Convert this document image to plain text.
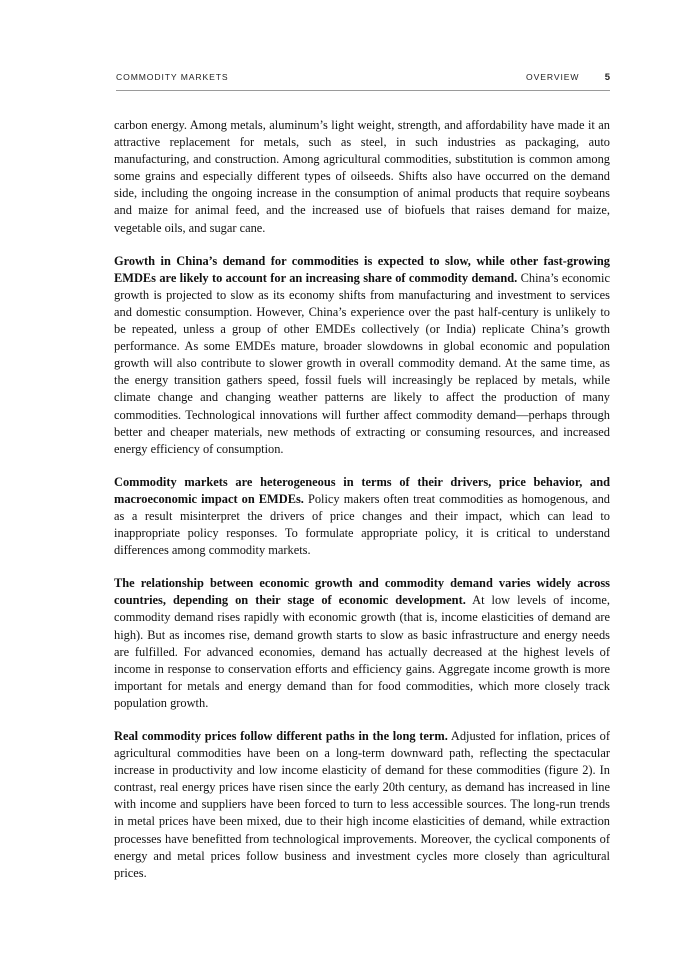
COMMODITY MARKETS	OVERVIEW	5

carbon energy. Among metals, aluminum’s light weight, strength, and affordability have made it an attractive replacement for metals, such as steel, in such industries as packaging, auto manufacturing, and construction. Among agricultural commodities, substitution is common among some grains and especially different types of oilseeds. Shifts also have occurred on the demand side, including the ongoing increase in the consumption of animal products that require soybeans and maize for animal feed, and the increased use of biofuels that raises demand for maize, vegetable oils, and sugar cane.

Growth in China’s demand for commodities is expected to slow, while other fast-growing EMDEs are likely to account for an increasing share of commodity demand. China’s economic growth is projected to slow as its economy shifts from manufacturing and investment to services and domestic consumption. However, China’s experience over the past half-century is unlikely to be repeated, unless a group of other EMDEs collectively (or India) replicate China’s growth performance. As some EMDEs mature, broader slowdowns in global economic and population growth will also contribute to slower growth in overall commodity demand. At the same time, as the energy transition gathers speed, fossil fuels will increasingly be replaced by metals, while climate change and changing weather patterns are likely to affect the production of many commodities. Technological innovations will further affect commodity demand—perhaps through better and cheaper materials, new methods of extracting or consuming resources, and increased energy efficiency of consumption.

Commodity markets are heterogeneous in terms of their drivers, price behavior, and macroeconomic impact on EMDEs. Policy makers often treat commodities as homogenous, and as a result misinterpret the drivers of price changes and their impact, which can lead to inappropriate policy responses. To formulate appropriate policy, it is critical to understand differences among commodity markets.

The relationship between economic growth and commodity demand varies widely across countries, depending on their stage of economic development. At low levels of income, commodity demand rises rapidly with economic growth (that is, income elasticities of demand are high). But as incomes rise, demand growth starts to slow as basic infrastructure and energy needs are fulfilled. For advanced economies, demand has actually decreased at the highest levels of income in response to conservation efforts and efficiency gains. Aggregate income growth is more important for metals and energy demand than for food commodities, which more closely track population growth.

Real commodity prices follow different paths in the long term. Adjusted for inflation, prices of agricultural commodities have been on a long-term downward path, reflecting the spectacular increase in productivity and low income elasticity of demand for these commodities (figure 2). In contrast, real energy prices have risen since the early 20th century, as demand has increased in line with income and suppliers have been forced to turn to less accessible sources. The long-run trends in metal prices have been mixed, due to their high income elasticities of demand, while extraction processes have benefitted from technological improvements. Moreover, the cyclical components of energy and metal prices follow business and investment cycles more closely than agricultural prices.
